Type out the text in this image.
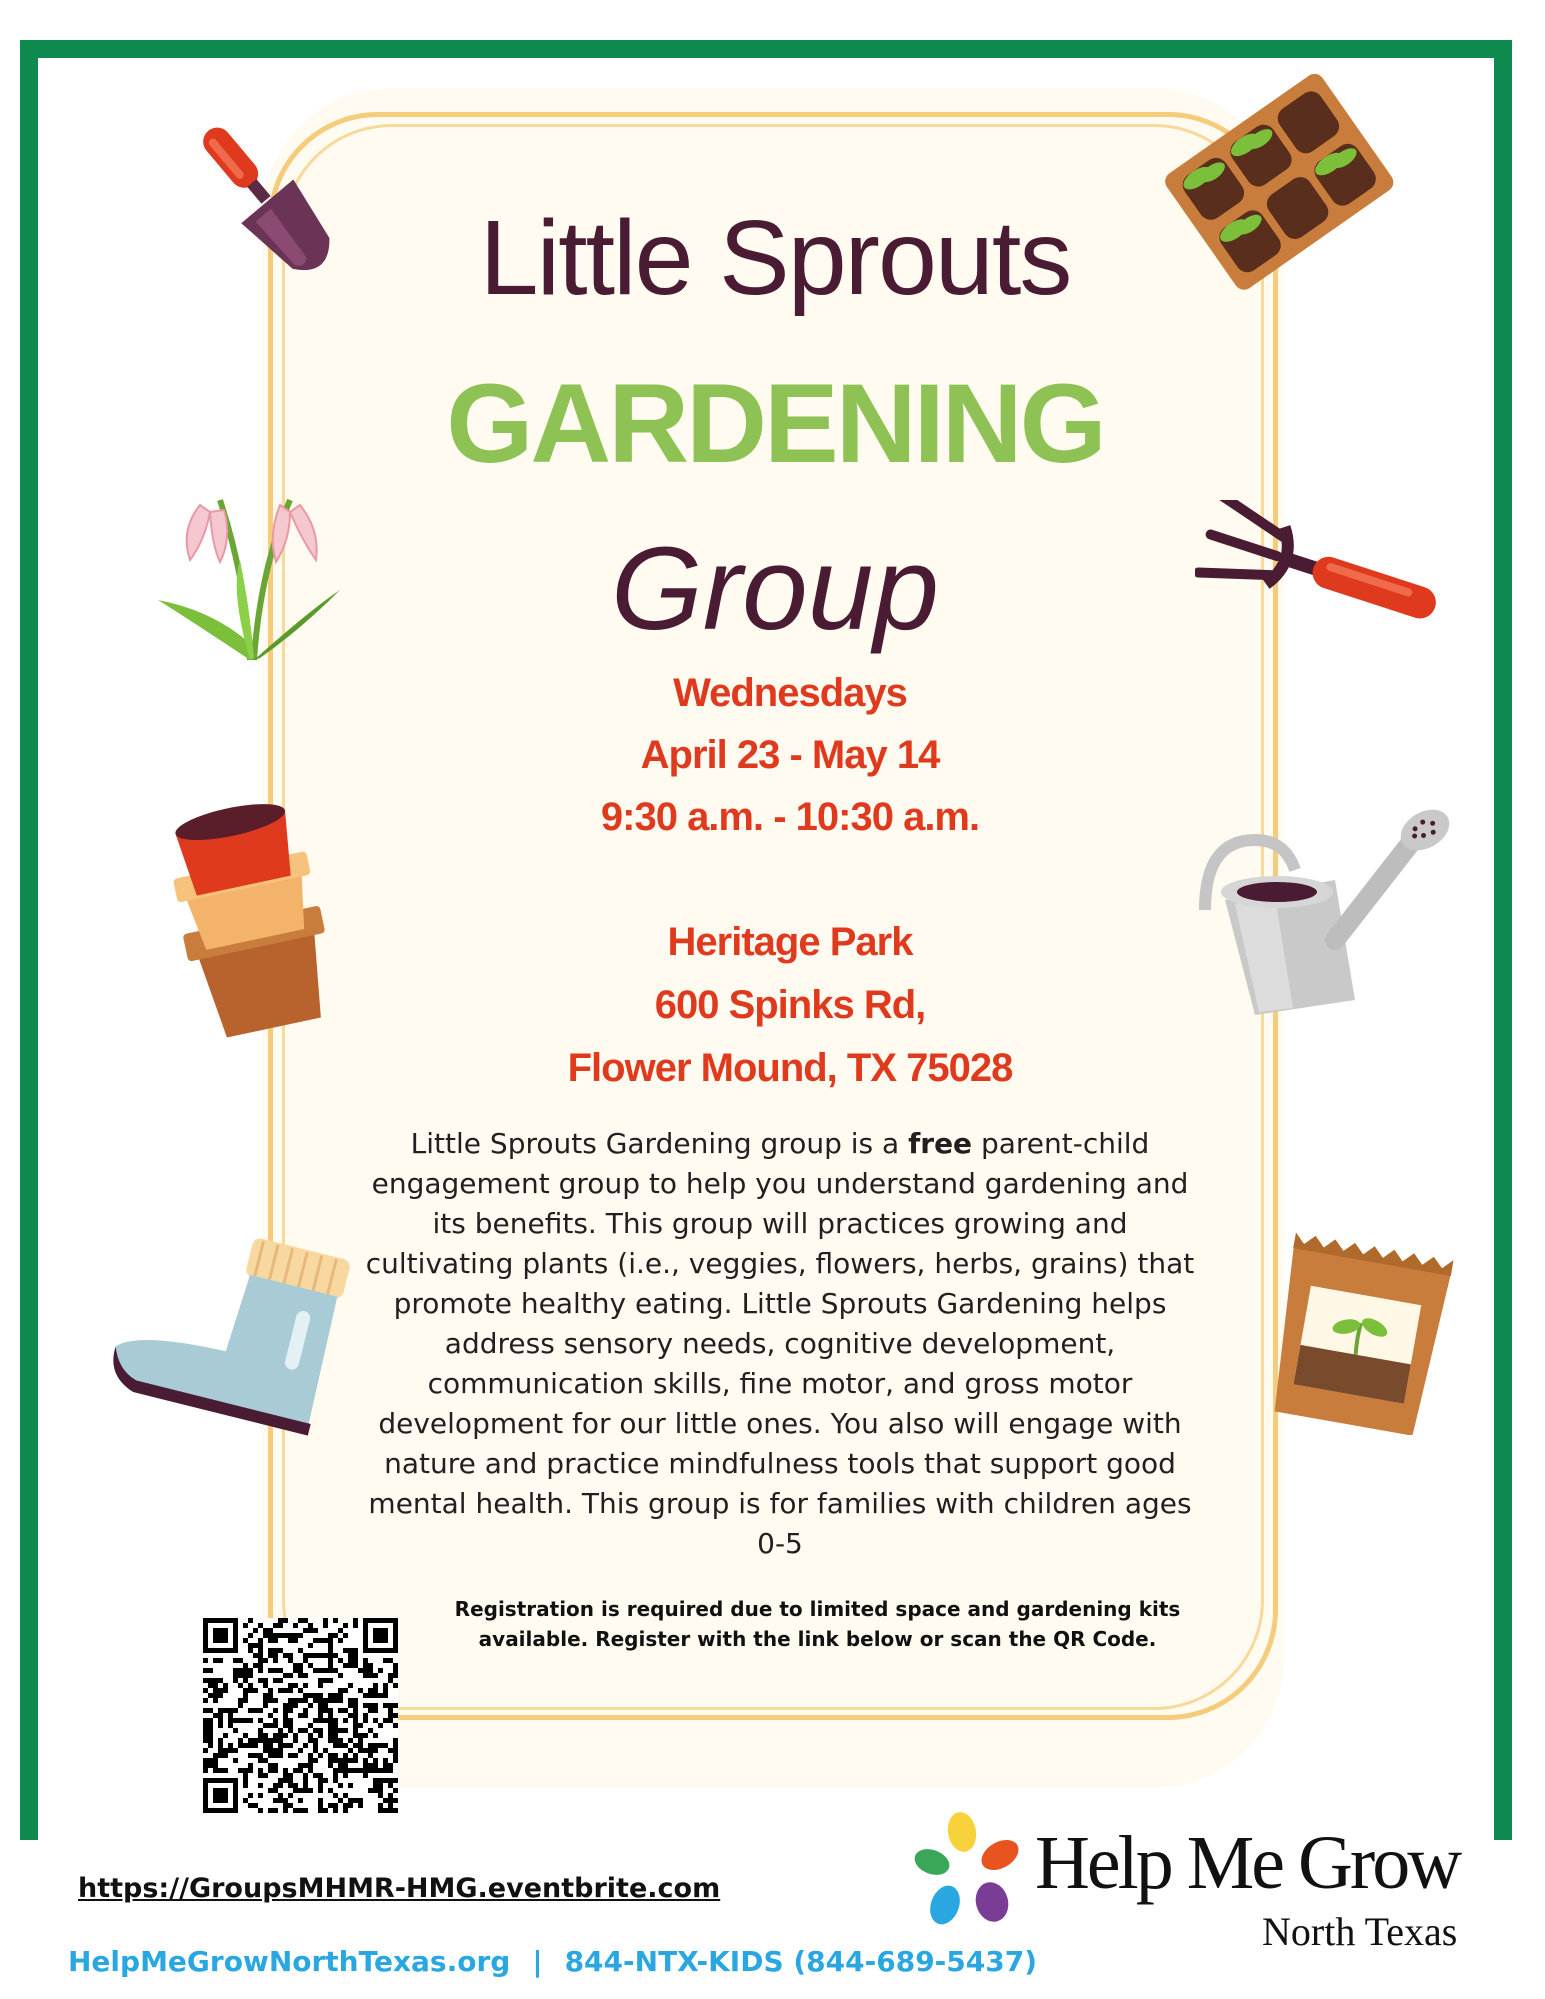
Little Sprouts
GARDENING
Group
Wednesdays
April 23 - May 14
9:30 a.m. - 10:30 a.m.
Heritage Park
600 Spinks Rd,
Flower Mound, TX 75028
Little Sprouts Gardening group is a free parent-child engagement group to help you understand gardening and its benefits. This group will practices growing and cultivating plants (i.e., veggies, flowers, herbs, grains) that promote healthy eating. Little Sprouts Gardening helps address sensory needs, cognitive development, communication skills, fine motor, and gross motor development for our little ones. You also will engage with nature and practice mindfulness tools that support good mental health. This group is for families with children ages 0-5
Registration is required due to limited space and gardening kits available. Register with the link below or scan the QR Code.
https://GroupsMHMR-HMG.eventbrite.com
HelpMeGrowNorthTexas.org | 844-NTX-KIDS (844-689-5437)
Help Me Grow
North Texas
